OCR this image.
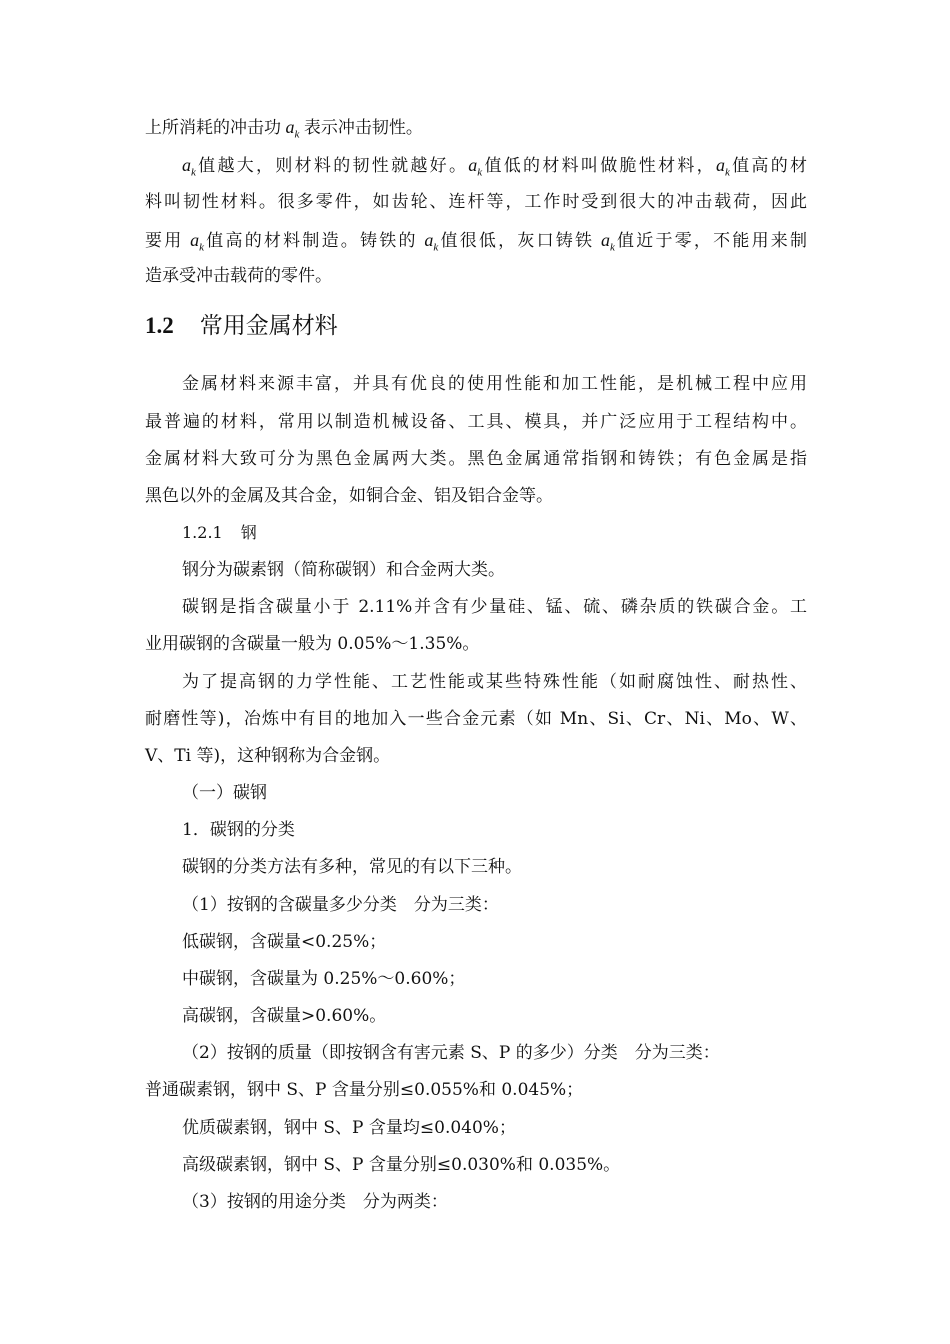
上所消耗的冲击功 $a_k$ 表示冲击韧性。
$a_k$值越大，则材料的韧性就越好。$a_k$值低的材料叫做脆性材料，$a_k$值高的材
料叫韧性材料。很多零件，如齿轮、连杆等，工作时受到很大的冲击载荷，因此
要用 $a_k$值高的材料制造。铸铁的 $a_k$值很低，灰口铸铁 $a_k$值近于零，不能用来制
造承受冲击载荷的零件。
1.2 常用金属材料
金属材料来源丰富，并具有优良的使用性能和加工性能，是机械工程中应用
最普遍的材料，常用以制造机械设备、工具、模具，并广泛应用于工程结构中。
金属材料大致可分为黑色金属两大类。黑色金属通常指钢和铸铁；有色金属是指
黑色以外的金属及其合金，如铜合金、铝及铝合金等。
1.2.1 钢
钢分为碳素钢（简称碳钢）和合金两大类。
碳钢是指含碳量小于 2.11%并含有少量硅、锰、硫、磷杂质的铁碳合金。工
业用碳钢的含碳量一般为 0.05%～1.35%。
为了提高钢的力学性能、工艺性能或某些特殊性能（如耐腐蚀性、耐热性、
耐磨性等)，冶炼中有目的地加入一些合金元素（如 Mn、Si、Cr、Ni、Mo、W、
V、Ti 等)，这种钢称为合金钢。
（一）碳钢
1．碳钢的分类
碳钢的分类方法有多种，常见的有以下三种。
（1）按钢的含碳量多少分类　分为三类：
低碳钢，含碳量<0.25%；
中碳钢，含碳量为 0.25%～0.60%；
高碳钢，含碳量>0.60%。
（2）按钢的质量（即按钢含有害元素 S、P 的多少）分类　分为三类：
普通碳素钢，钢中 S、P 含量分别≤0.055%和 0.045%；
优质碳素钢，钢中 S、P 含量均≤0.040%；
高级碳素钢，钢中 S、P 含量分别≤0.030%和 0.035%。
（3）按钢的用途分类　分为两类：
